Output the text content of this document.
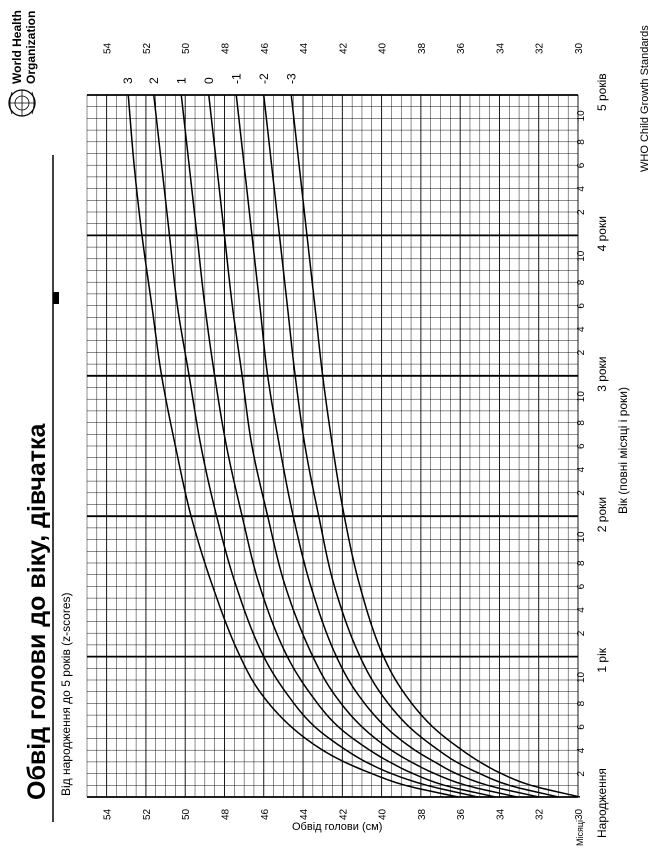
3 2 1 0 -1 -2 -3
30
30
32
32
34
34
36
36
38
38
40
40
42
42
44
44
46
46
48
48
50
50
52
52
54
54
2
4
6
8
10
2
4
6
8
10
2
4
6
8
10
2
4
6
8
10
2
4
6
8
10
Народження
1 рік
2 роки
3 роки
4 роки
5 років
Місяці
Обвід голови до віку, дівчатка Від народження до 5 років (z-scores)
World Health Organization	WHO Child Growth Standards
Обвід голови (см)
Вік (повні місяці і роки)
